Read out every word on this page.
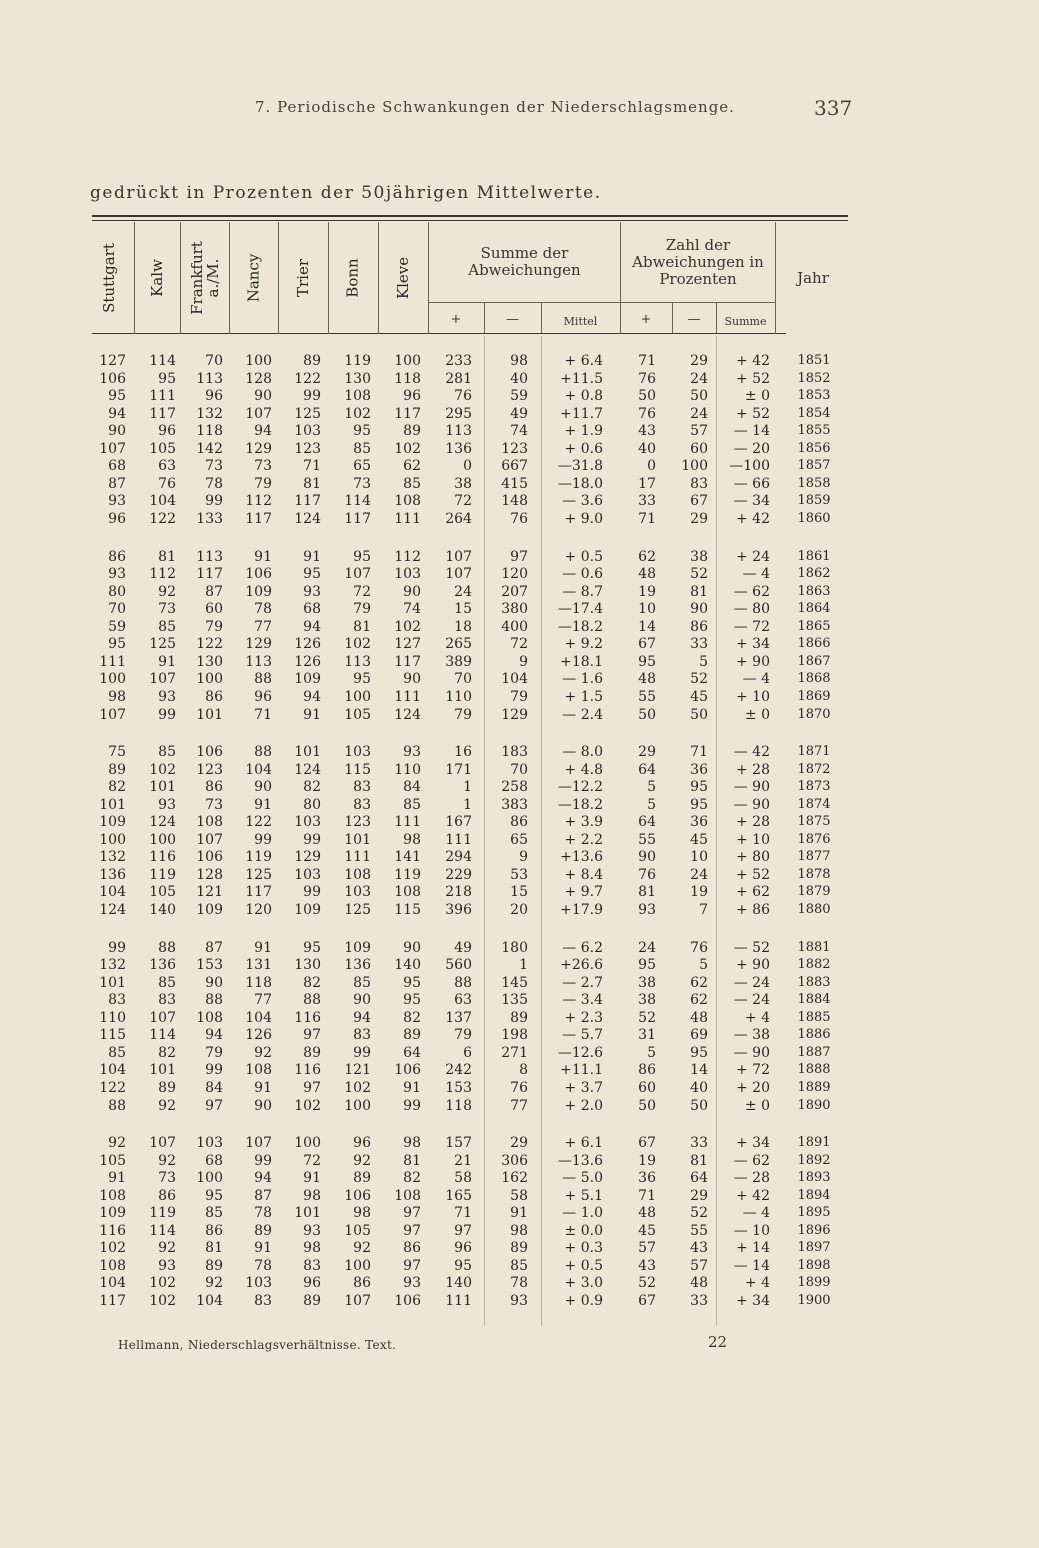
7. Periodische Schwankungen der Niederschlagsmenge.	337
gedrückt in Prozenten der 50jährigen Mittelwerte.
Stuttgart Kalw Frankfurt a./M. Nancy Trier Bonn Kleve
Summe der Abweichungen
Zahl der Abweichungen in Prozenten	Jahr
+	—	Mittel	+	—	Summe
127	114	70	100	89	119	100	233	98	+ 6.4	71	29	+ 42	1851
106	95	113	128	122	130	118	281	40	+11.5	76	24	+ 52	1852
95	111	96	90	99	108	96	76	59	+ 0.8	50	50	± 0	1853
94	117	132	107	125	102	117	295	49	+11.7	76	24	+ 52	1854
90	96	118	94	103	95	89	113	74	+ 1.9	43	57	— 14	1855
107	105	142	129	123	85	102	136	123	+ 0.6	40	60	— 20	1856
68	63	73	73	71	65	62	0	667	—31.8	0	100	—100	1857
87	76	78	79	81	73	85	38	415	—18.0	17	83	— 66	1858
93	104	99	112	117	114	108	72	148	— 3.6	33	67	— 34	1859
96	122	133	117	124	117	111	264	76	+ 9.0	71	29	+ 42	1860
86	81	113	91	91	95	112	107	97	+ 0.5	62	38	+ 24	1861
93	112	117	106	95	107	103	107	120	— 0.6	48	52	— 4	1862
80	92	87	109	93	72	90	24	207	— 8.7	19	81	— 62	1863
70	73	60	78	68	79	74	15	380	—17.4	10	90	— 80	1864
59	85	79	77	94	81	102	18	400	—18.2	14	86	— 72	1865
95	125	122	129	126	102	127	265	72	+ 9.2	67	33	+ 34	1866
111	91	130	113	126	113	117	389	9	+18.1	95	5	+ 90	1867
100	107	100	88	109	95	90	70	104	— 1.6	48	52	— 4	1868
98	93	86	96	94	100	111	110	79	+ 1.5	55	45	+ 10	1869
107	99	101	71	91	105	124	79	129	— 2.4	50	50	± 0	1870
75	85	106	88	101	103	93	16	183	— 8.0	29	71	— 42	1871
89	102	123	104	124	115	110	171	70	+ 4.8	64	36	+ 28	1872
82	101	86	90	82	83	84	1	258	—12.2	5	95	— 90	1873
101	93	73	91	80	83	85	1	383	—18.2	5	95	— 90	1874
109	124	108	122	103	123	111	167	86	+ 3.9	64	36	+ 28	1875
100	100	107	99	99	101	98	111	65	+ 2.2	55	45	+ 10	1876
132	116	106	119	129	111	141	294	9	+13.6	90	10	+ 80	1877
136	119	128	125	103	108	119	229	53	+ 8.4	76	24	+ 52	1878
104	105	121	117	99	103	108	218	15	+ 9.7	81	19	+ 62	1879
124	140	109	120	109	125	115	396	20	+17.9	93	7	+ 86	1880
99	88	87	91	95	109	90	49	180	— 6.2	24	76	— 52	1881
132	136	153	131	130	136	140	560	1	+26.6	95	5	+ 90	1882
101	85	90	118	82	85	95	88	145	— 2.7	38	62	— 24	1883
83	83	88	77	88	90	95	63	135	— 3.4	38	62	— 24	1884
110	107	108	104	116	94	82	137	89	+ 2.3	52	48	+ 4	1885
115	114	94	126	97	83	89	79	198	— 5.7	31	69	— 38	1886
85	82	79	92	89	99	64	6	271	—12.6	5	95	— 90	1887
104	101	99	108	116	121	106	242	8	+11.1	86	14	+ 72	1888
122	89	84	91	97	102	91	153	76	+ 3.7	60	40	+ 20	1889
88	92	97	90	102	100	99	118	77	+ 2.0	50	50	± 0	1890
92	107	103	107	100	96	98	157	29	+ 6.1	67	33	+ 34	1891
105	92	68	99	72	92	81	21	306	—13.6	19	81	— 62	1892
91	73	100	94	91	89	82	58	162	— 5.0	36	64	— 28	1893
108	86	95	87	98	106	108	165	58	+ 5.1	71	29	+ 42	1894
109	119	85	78	101	98	97	71	91	— 1.0	48	52	— 4	1895
116	114	86	89	93	105	97	97	98	± 0.0	45	55	— 10	1896
102	92	81	91	98	92	86	96	89	+ 0.3	57	43	+ 14	1897
108	93	89	78	83	100	97	95	85	+ 0.5	43	57	— 14	1898
104	102	92	103	96	86	93	140	78	+ 3.0	52	48	+ 4	1899
117	102	104	83	89	107	106	111	93	+ 0.9	67	33	+ 34	1900
Hellmann, Niederschlagsverhältnisse. Text.	22
